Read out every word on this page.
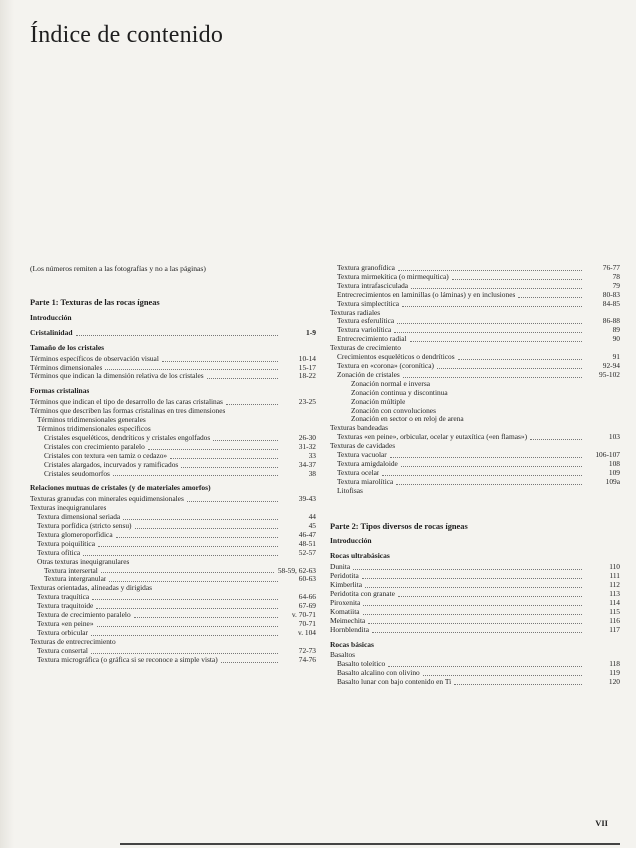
Índice de contenido
(Los números remiten a las fotografías y no a las páginas)
Parte 1: Texturas de las rocas ígneas
Introducción
Cristalinidad	1-9
Tamaño de los cristales
Términos específicos de observación visual	10-14
Términos dimensionales	15-17
Términos que indican la dimensión relativa de los cristales	18-22
Formas cristalinas
Términos que indican el tipo de desarrollo de las caras cristalinas	23-25
Términos que describen las formas cristalinas en tres dimensiones
Términos tridimensionales generales
Términos tridimensionales específicos
Cristales esqueléticos, dendríticos y cristales engolfados	26-30
Cristales con crecimiento paralelo	31-32
Cristales con textura «en tamiz o cedazo»	33
Cristales alargados, incurvados y ramificados	34-37
Cristales seudomorfos	38
Relaciones mutuas de cristales (y de materiales amorfos)
Texturas granudas con minerales equidimensionales	39-43
Texturas inequigranulares
Textura dimensional seriada	44
Textura porfídica (stricto sensu)	45
Textura glomeroporfídica	46-47
Textura poiquilítica	48-51
Textura ofítica	52-57
Otras texturas inequigranulares
Textura intersertal	58-59, 62-63
Textura intergranular	60-63
Texturas orientadas, alineadas y dirigidas
Textura traquítica	64-66
Textura traquitoide	67-69
Textura de crecimiento paralelo	v. 70-71
Textura «en peine»	70-71
Textura orbicular	v. 104
Texturas de entrecrecimiento
Textura consertal	72-73
Textura micrográfica (o gráfica si se reconoce a simple vista)	74-76
Textura granofídica	76-77
Textura mirmekítica (o mirmequítica)	78
Textura intrafasciculada	79
Entrecrecimientos en laminillas (o láminas) y en inclusiones	80-83
Textura simplectítica	84-85
Texturas radiales
Textura esferulítica	86-88
Textura variolítica	89
Entrecrecimiento radial	90
Texturas de crecimiento
Crecimientos esqueléticos o dendríticos	91
Textura en «corona» (coronítica)	92-94
Zonación de cristales	95-102
Zonación normal e inversa
Zonación continua y discontinua
Zonación múltiple
Zonación con convoluciones
Zonación en sector o en reloj de arena
Texturas bandeadas
Texturas «en peine», orbicular, ocelar y eutaxítica («en flamas»)	103
Texturas de cavidades
Textura vacuolar	106-107
Textura amigdaloide	108
Textura ocelar	109
Textura miarolítica	109a
Litofisas
Parte 2: Tipos diversos de rocas ígneas
Introducción
Rocas ultrabásicas
Dunita	110
Peridotita	111
Kimberlita	112
Peridotita con granate	113
Piroxenita	114
Komatiita	115
Meimechita	116
Hornblendita	117
Rocas básicas
Basaltos
Basalto toleítico	118
Basalto alcalino con olivino	119
Basalto lunar con bajo contenido en Ti	120
VII
